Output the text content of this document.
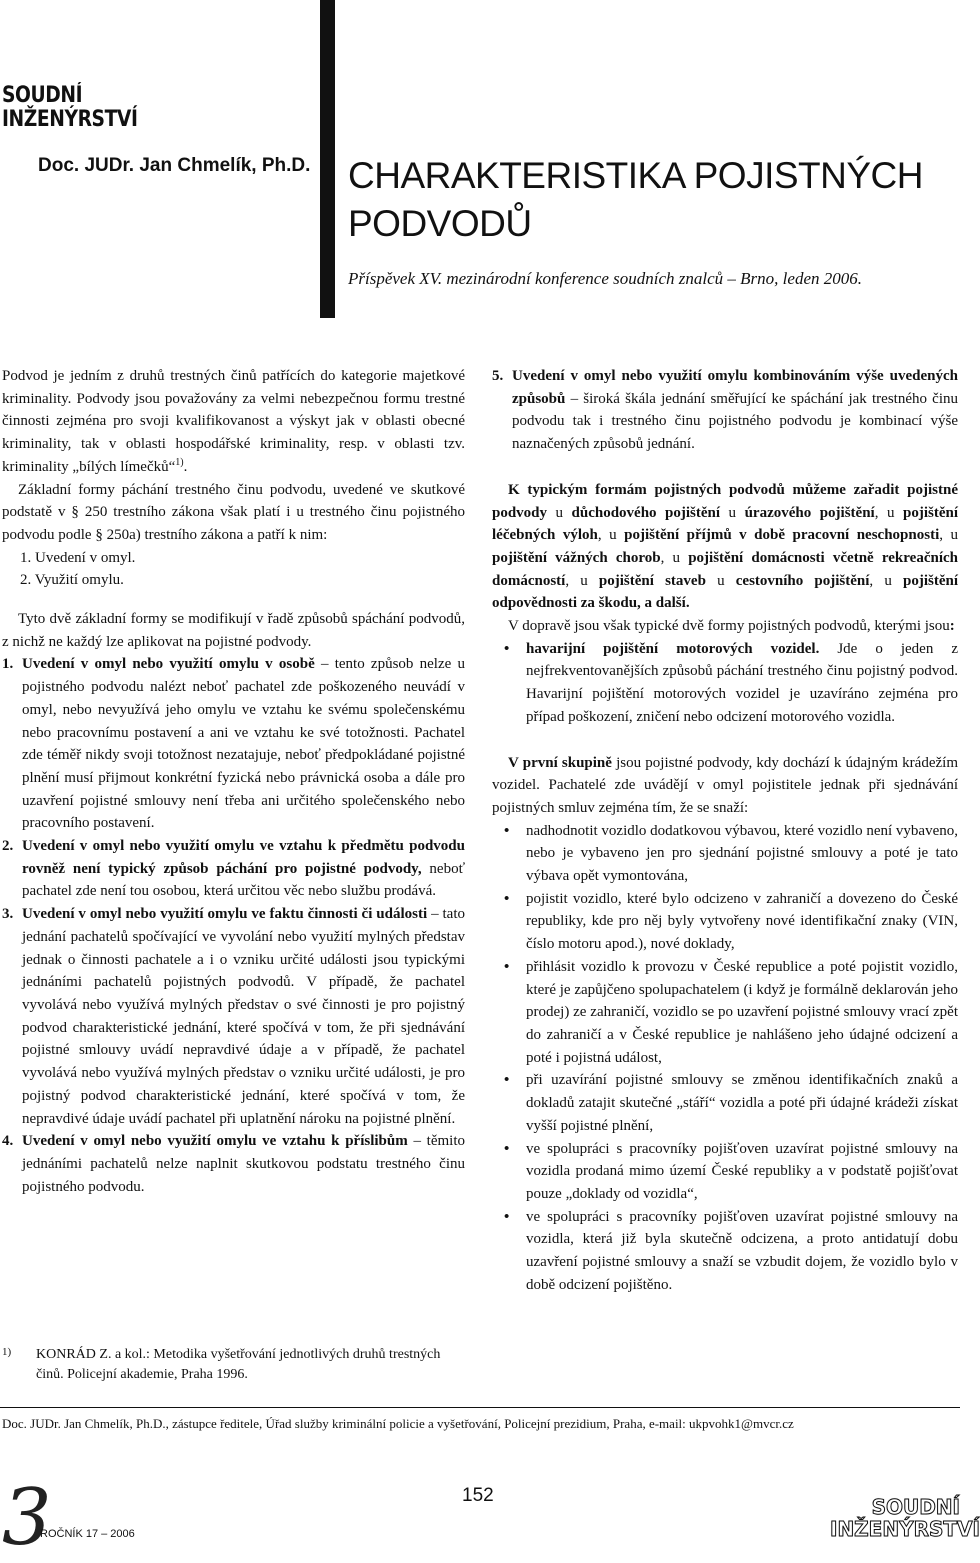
SOUDNÍ
INŽENÝRSTVÍ
Doc. JUDr. Jan Chmelík, Ph.D. CHARAKTERISTIKA POJISTNÝCH
PODVODŮ
Příspěvek XV. mezinárodní konference soudních znalců – Brno, leden 2006.

Podvod je jedním z druhů trestných činů patřících do kategorie majetkové kriminality. Podvody jsou považovány za velmi nebezpečnou formu trestné činnosti zejména pro svoji kvalifikovanost a výskyt jak v oblasti obecné kriminality, tak v oblasti hospodářské kriminality, resp. v oblasti tzv. kriminality „bílých límečků“$^{1)}$.

Základní formy páchání trestného činu podvodu, uvedené ve skutkové podstatě v § 250 trestního zákona však platí i u trestného činu pojistného podvodu podle § 250a) trestního zákona a patří k nim:

1. Uvedení v omyl.
2. Využití omylu.

Tyto dvě základní formy se modifikují v řadě způsobů spáchání podvodů, z nichž ne každý lze aplikovat na pojistné podvody.

1. Uvedení v omyl nebo využití omylu v osobě – tento způsob nelze u pojistného podvodu nalézt neboť pachatel zde poškozeného neuvádí v omyl, nebo nevyužívá jeho omylu ve vztahu ke svému společenskému nebo pracovnímu postavení a ani ve vztahu ke své totožnosti. Pachatel zde téměř nikdy svoji totožnost nezatajuje, neboť předpokládané pojistné plnění musí přijmout konkrétní fyzická nebo právnická osoba a dále pro uzavření pojistné smlouvy není třeba ani určitého společenského nebo pracovního postavení.
2. Uvedení v omyl nebo využití omylu ve vztahu k předmětu podvodu rovněž není typický způsob páchání pro pojistné podvody, neboť pachatel zde není tou osobou, která určitou věc nebo službu prodává.
3. Uvedení v omyl nebo využití omylu ve faktu činnosti či události – tato jednání pachatelů spočívající ve vyvolání nebo využití mylných představ jednak o činnosti pachatele a i o vzniku určité události jsou typickými jednáními pachatelů pojistných podvodů. V případě, že pachatel vyvolává nebo využívá mylných představ o své činnosti je pro pojistný podvod charakteristické jednání, které spočívá v tom, že při sjednávání pojistné smlouvy uvádí nepravdivé údaje a v případě, že pachatel vyvolává nebo využívá mylných představ o vzniku určité události, je pro pojistný podvod charakteristické jednání, které spočívá v tom, že nepravdivé údaje uvádí pachatel při uplatnění nároku na pojistné plnění.
4. Uvedení v omyl nebo využití omylu ve vztahu k příslibům – těmito jednáními pachatelů nelze naplnit skutkovou podstatu trestného činu pojistného podvodu.
5. Uvedení v omyl nebo využití omylu kombinováním výše uvedených způsobů – široká škála jednání směřující ke spáchání jak trestného činu podvodu tak i trestného činu pojistného podvodu je kombinací výše naznačených způsobů jednání.

K typickým formám pojistných podvodů můžeme zařadit pojistné podvody u důchodového pojištění u úrazového pojištění, u pojištění léčebných výloh, u pojištění příjmů v době pracovní neschopnosti, u pojištění vážných chorob, u pojištění domácnosti včetně rekreačních domácností, u pojištění staveb u cestovního pojištění, u pojištění odpovědnosti za škodu, a další.

V dopravě jsou však typické dvě formy pojistných podvodů, kterými jsou:

•	havarijní pojištění motorových vozidel. Jde o jeden z nejfrekventovanějších způsobů páchání trestného činu pojistný podvod. Havarijní pojištění motorových vozidel je uzavíráno zejména pro případ poškození, zničení nebo odcizení motorového vozidla.

V první skupině jsou pojistné podvody, kdy dochází k údajným krádežím vozidel. Pachatelé zde uvádějí v omyl pojistitele jednak při sjednávání pojistných smluv zejména tím, že se snaží:

•	nadhodnotit vozidlo dodatkovou výbavou, které vozidlo není vybaveno, nebo je vybaveno jen pro sjednání pojistné smlouvy a poté je tato výbava opět vymontována,
•	pojistit vozidlo, které bylo odcizeno v zahraničí a dovezeno do České republiky, kde pro něj byly vytvořeny nové identifikační znaky (VIN, číslo motoru apod.), nové doklady,
•	přihlásit vozidlo k provozu v České republice a poté pojistit vozidlo, které je zapůjčeno spolupachatelem (i když je formálně deklarován jeho prodej) ze zahraničí, vozidlo se po uzavření pojistné smlouvy vrací zpět do zahraničí a v České republice je nahlášeno jeho údajné odcizení a poté i pojistná událost,
•	při uzavírání pojistné smlouvy se změnou identifikačních znaků a dokladů zatajit skutečné „stáří“ vozidla a poté při údajné krádeži získat vyšší pojistné plnění,
•	ve spolupráci s pracovníky pojišťoven uzavírat pojistné smlouvy na vozidla prodaná mimo území České republiky a v podstatě pojišťovat pouze „doklady od vozidla“,
•	ve spolupráci s pracovníky pojišťoven uzavírat pojistné smlouvy na vozidla, která již byla skutečně odcizena, a proto antidatují dobu uzavření pojistné smlouvy a snaží se vzbudit dojem, že vozidlo bylo v době odcizení pojištěno.
1)	KONRÁD Z. a kol.: Metodika vyšetřování jednotlivých druhů trestných činů. Policejní akademie, Praha 1996.
Doc. JUDr. Jan Chmelík, Ph.D., zástupce ředitele, Úřad služby kriminální policie a vyšetřování, Policejní prezidium, Praha, e-mail: ukpvohk1@mvcr.cz
3
ROČNÍK 17 – 2006
152	SOUDNÍ
INŽENÝRSTVÍ
